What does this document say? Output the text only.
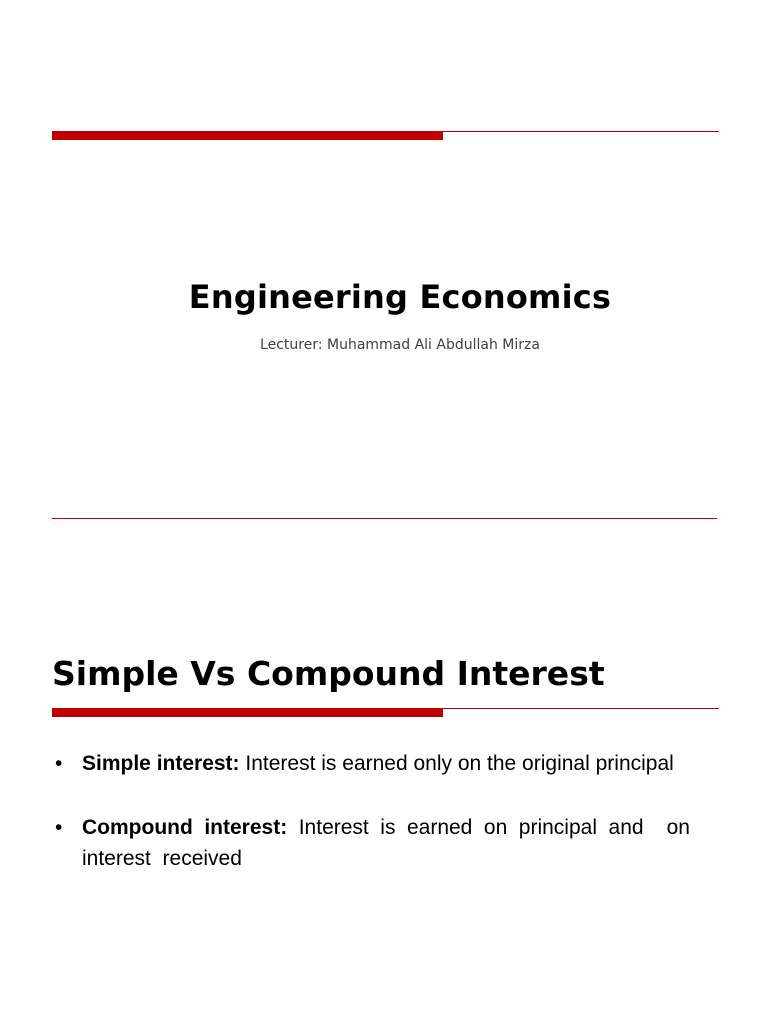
Engineering Economics

Lecturer: Muhammad Ali Abdullah Mirza

Simple Vs Compound Interest
• Simple interest: Interest is earned only on the original principal
• Compound interest: Interest is earned on principal and  on interest  received
